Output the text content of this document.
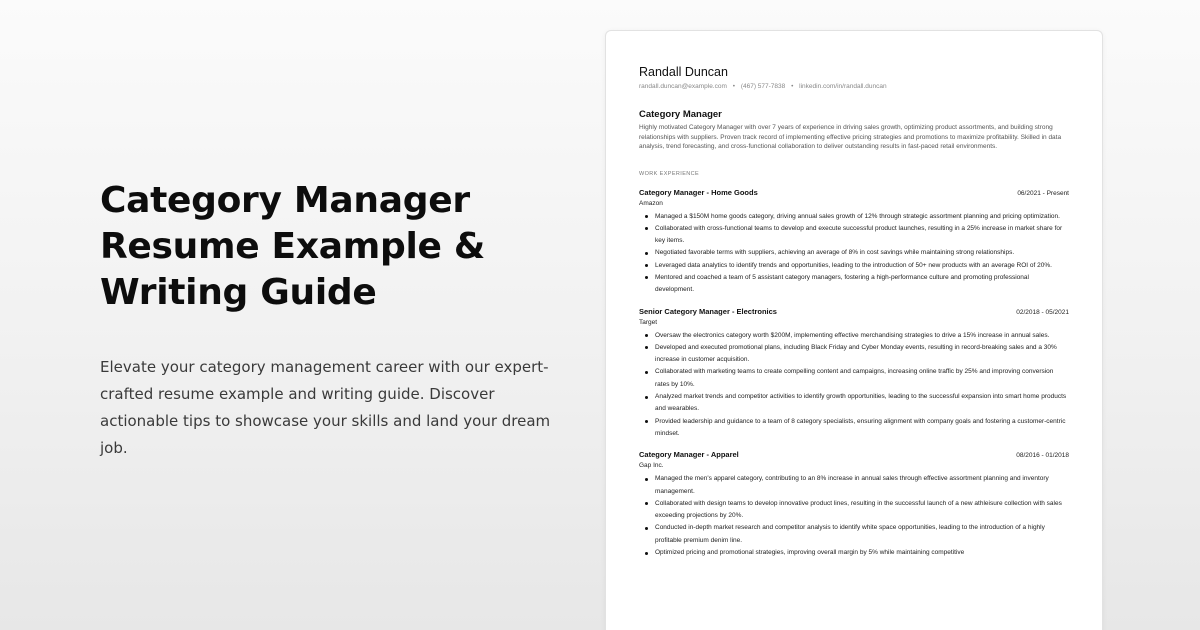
Category Manager
Resume Example &
Writing Guide

Elevate your category management career with our expert-crafted resume example and writing guide. Discover actionable tips to showcase your skills and land your dream job.

Randall Duncan
randall.duncan@example.com • (467) 577-7838 • linkedin.com/in/randall.duncan
Category Manager

Highly motivated Category Manager with over 7 years of experience in driving sales growth, optimizing product assortments, and building strong relationships with suppliers. Proven track record of implementing effective pricing strategies and promotions to maximize profitability. Skilled in data analysis, trend forecasting, and cross-functional collaboration to deliver outstanding results in fast-paced retail environments.

WORK EXPERIENCE
Category Manager - Home Goods	06/2021 - Present
Amazon
Managed a $150M home goods category, driving annual sales growth of 12% through strategic assortment planning and pricing optimization.
Collaborated with cross-functional teams to develop and execute successful product launches, resulting in a 25% increase in market share for key items.
Negotiated favorable terms with suppliers, achieving an average of 8% in cost savings while maintaining strong relationships.
Leveraged data analytics to identify trends and opportunities, leading to the introduction of 50+ new products with an average ROI of 20%.
Mentored and coached a team of 5 assistant category managers, fostering a high-performance culture and promoting professional development.
Senior Category Manager - Electronics	02/2018 - 05/2021
Target
Oversaw the electronics category worth $200M, implementing effective merchandising strategies to drive a 15% increase in annual sales.
Developed and executed promotional plans, including Black Friday and Cyber Monday events, resulting in record-breaking sales and a 30% increase in customer acquisition.
Collaborated with marketing teams to create compelling content and campaigns, increasing online traffic by 25% and improving conversion rates by 10%.
Analyzed market trends and competitor activities to identify growth opportunities, leading to the successful expansion into smart home products and wearables.
Provided leadership and guidance to a team of 8 category specialists, ensuring alignment with company goals and fostering a customer-centric mindset.
Category Manager - Apparel	08/2016 - 01/2018
Gap Inc.
Managed the men's apparel category, contributing to an 8% increase in annual sales through effective assortment planning and inventory management.
Collaborated with design teams to develop innovative product lines, resulting in the successful launch of a new athleisure collection with sales exceeding projections by 20%.
Conducted in-depth market research and competitor analysis to identify white space opportunities, leading to the introduction of a highly profitable premium denim line.
Optimized pricing and promotional strategies, improving overall margin by 5% while maintaining competitive
